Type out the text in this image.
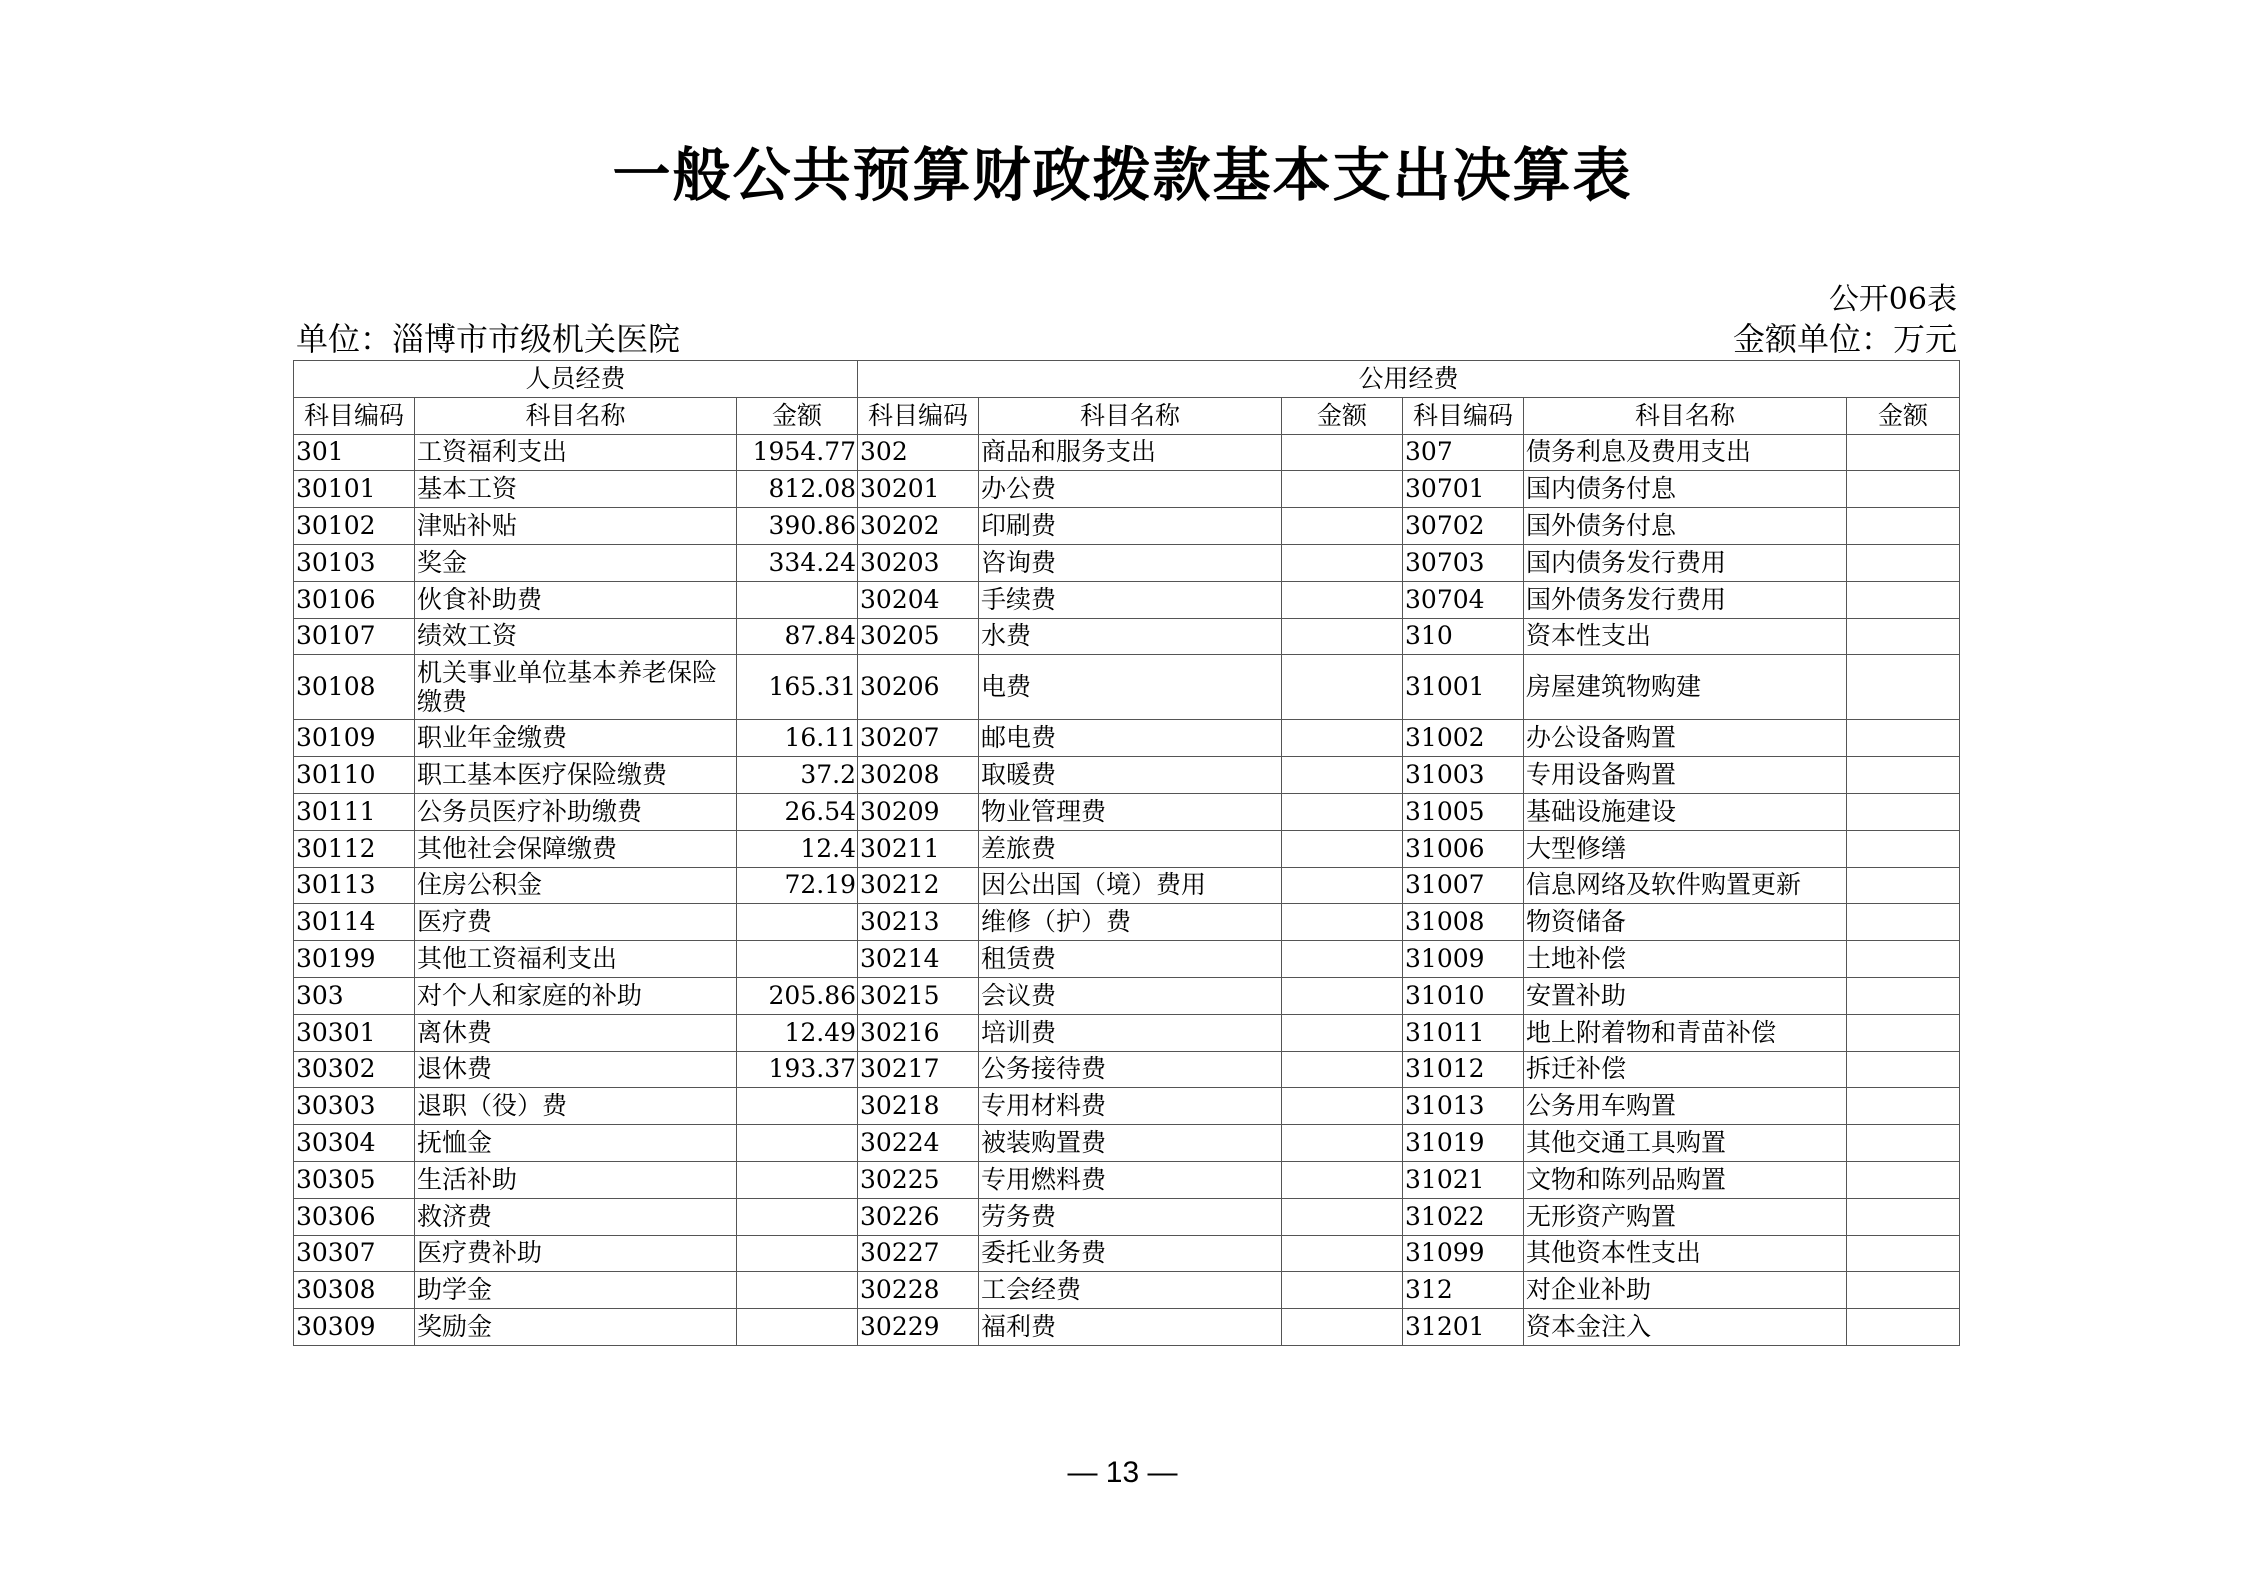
一般公共预算财政拨款基本支出决算表
公开06表
单位：淄博市市级机关医院	金额单位：万元
人员经费			公用经费					
科目编码	科目名称	金额	科目编码	科目名称	金额	科目编码	科目名称	金额
301	工资福利支出	1954.77	302	商品和服务支出		307	债务利息及费用支出	
30101	基本工资	812.08	30201	办公费		30701	国内债务付息	
30102	津贴补贴	390.86	30202	印刷费		30702	国外债务付息	
30103	奖金	334.24	30203	咨询费		30703	国内债务发行费用	
30106	伙食补助费		30204	手续费		30704	国外债务发行费用	
30107	绩效工资	87.84	30205	水费		310	资本性支出	
30108	机关事业单位基本养老保险缴费	165.31	30206	电费		31001	房屋建筑物购建	
30109	职业年金缴费	16.11	30207	邮电费		31002	办公设备购置	
30110	职工基本医疗保险缴费	37.2	30208	取暖费		31003	专用设备购置	
30111	公务员医疗补助缴费	26.54	30209	物业管理费		31005	基础设施建设	
30112	其他社会保障缴费	12.4	30211	差旅费		31006	大型修缮	
30113	住房公积金	72.19	30212	因公出国（境）费用		31007	信息网络及软件购置更新	
30114	医疗费		30213	维修（护）费		31008	物资储备	
30199	其他工资福利支出		30214	租赁费		31009	土地补偿	
303	对个人和家庭的补助	205.86	30215	会议费		31010	安置补助	
30301	离休费	12.49	30216	培训费		31011	地上附着物和青苗补偿	
30302	退休费	193.37	30217	公务接待费		31012	拆迁补偿	
30303	退职（役）费		30218	专用材料费		31013	公务用车购置	
30304	抚恤金		30224	被装购置费		31019	其他交通工具购置	
30305	生活补助		30225	专用燃料费		31021	文物和陈列品购置	
30306	救济费		30226	劳务费		31022	无形资产购置	
30307	医疗费补助		30227	委托业务费		31099	其他资本性支出	
30308	助学金		30228	工会经费		312	对企业补助	
30309	奖励金		30229	福利费		31201	资本金注入	
— 13 —
